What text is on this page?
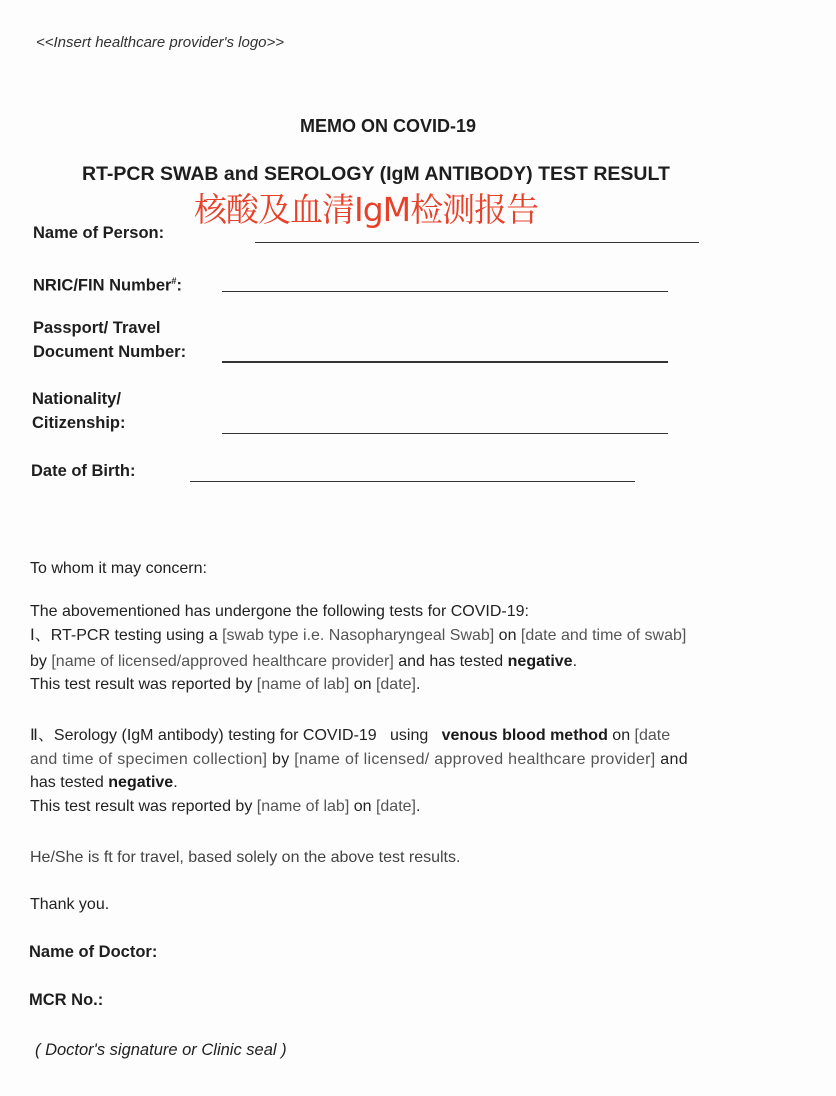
<<Insert healthcare provider's logo>>
MEMO ON COVID-19
RT-PCR SWAB and SEROLOGY (IgM ANTIBODY) TEST RESULT
核酸及血清IgM检测报告
Name of Person:
NRIC/FIN Number#:
Passport/ Travel
Document Number:
Nationality/
Citizenship:
Date of Birth:
To whom it may concern:
The abovementioned has undergone the following tests for COVID-19:
Ⅰ、RT-PCR testing using a [swab type i.e. Nasopharyngeal Swab] on [date and time of swab]
by [name of licensed/approved healthcare provider] and has tested negative.
This test result was reported by [name of lab] on [date].
Ⅱ、Serology (IgM antibody) testing for COVID-19   using   venous blood method on [date
and time of specimen collection] by [name of licensed/ approved healthcare provider] and
has tested negative.
This test result was reported by [name of lab] on [date].
He/She is ft for travel, based solely on the above test results.
Thank you.
Name of Doctor:
MCR No.:
( Doctor's signature or Clinic seal )
